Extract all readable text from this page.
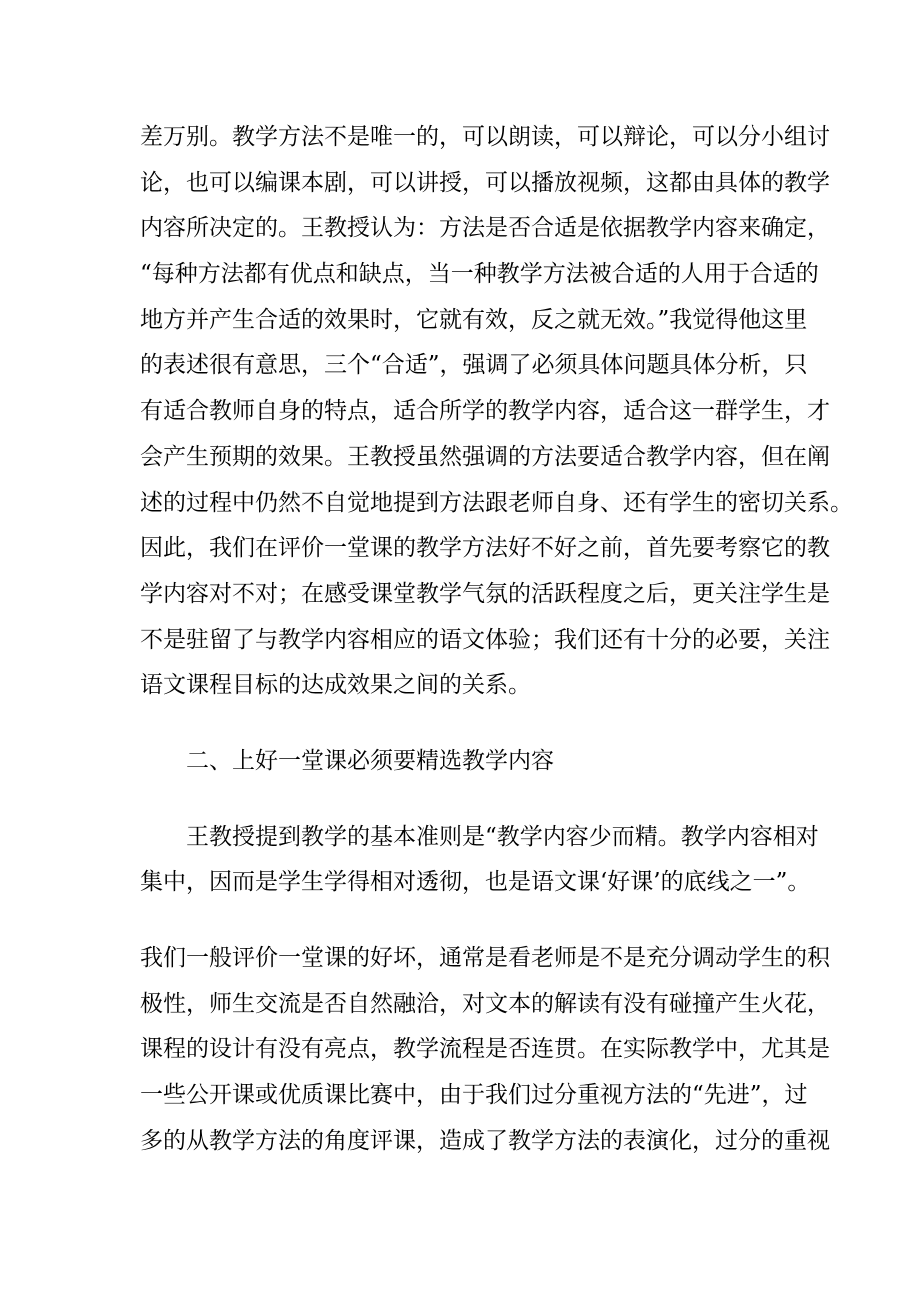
差万别。教学方法不是唯一的，可以朗读，可以辩论，可以分小组讨
论，也可以编课本剧，可以讲授，可以播放视频，这都由具体的教学
内容所决定的。王教授认为：方法是否合适是依据教学内容来确定，
“每种方法都有优点和缺点，当一种教学方法被合适的人用于合适的
地方并产生合适的效果时，它就有效，反之就无效。”我觉得他这里
的表述很有意思，三个“合适”，强调了必须具体问题具体分析，只
有适合教师自身的特点，适合所学的教学内容，适合这一群学生，才
会产生预期的效果。王教授虽然强调的方法要适合教学内容，但在阐
述的过程中仍然不自觉地提到方法跟老师自身、还有学生的密切关系。
因此，我们在评价一堂课的教学方法好不好之前，首先要考察它的教
学内容对不对；在感受课堂教学气氛的活跃程度之后，更关注学生是
不是驻留了与教学内容相应的语文体验；我们还有十分的必要，关注
语文课程目标的达成效果之间的关系。
二、上好一堂课必须要精选教学内容
王教授提到教学的基本准则是“教学内容少而精。教学内容相对
集中，因而是学生学得相对透彻，也是语文课‘好课’的底线之一”。
我们一般评价一堂课的好坏，通常是看老师是不是充分调动学生的积
极性，师生交流是否自然融洽，对文本的解读有没有碰撞产生火花，
课程的设计有没有亮点，教学流程是否连贯。在实际教学中，尤其是
一些公开课或优质课比赛中，由于我们过分重视方法的“先进”，过
多的从教学方法的角度评课，造成了教学方法的表演化，过分的重视
